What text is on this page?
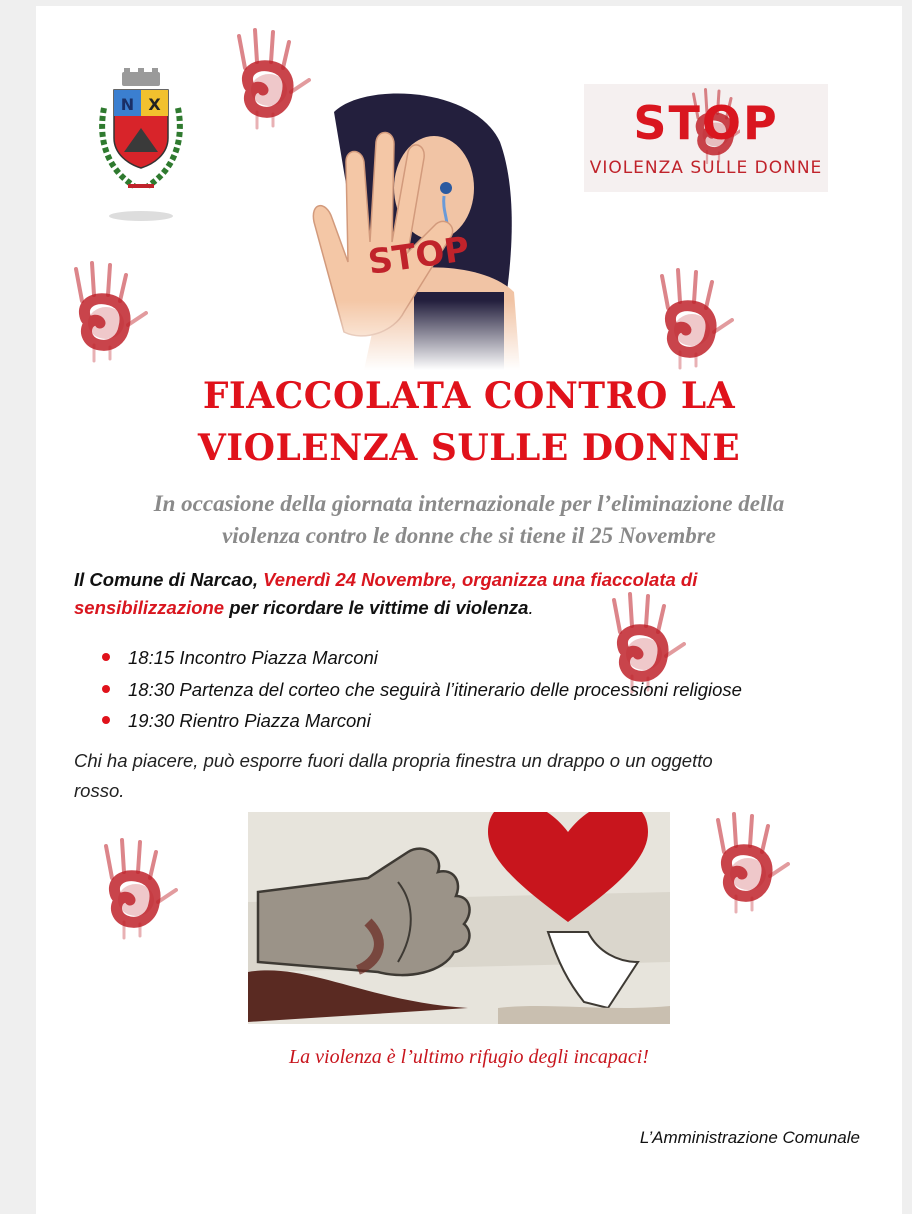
N X	STOP
VIOLENZA SULLE DONNE
FIACCOLATA CONTRO LA
VIOLENZA SULLE DONNE
In occasione della giornata internazionale per l’eliminazione della
violenza contro le donne che si tiene il 25 Novembre
Il Comune di Narcao, Venerdì 24 Novembre, organizza una fiaccolata di
sensibilizzazione per ricordare le vittime di violenza.
18:15 Incontro Piazza Marconi
18:30 Partenza del corteo che seguirà l’itinerario delle processioni religiose
19:30 Rientro Piazza Marconi
Chi ha piacere, può esporre fuori dalla propria finestra un drappo o un oggetto
rosso.
La violenza è l’ultimo rifugio degli incapaci!
L’Amministrazione Comunale
